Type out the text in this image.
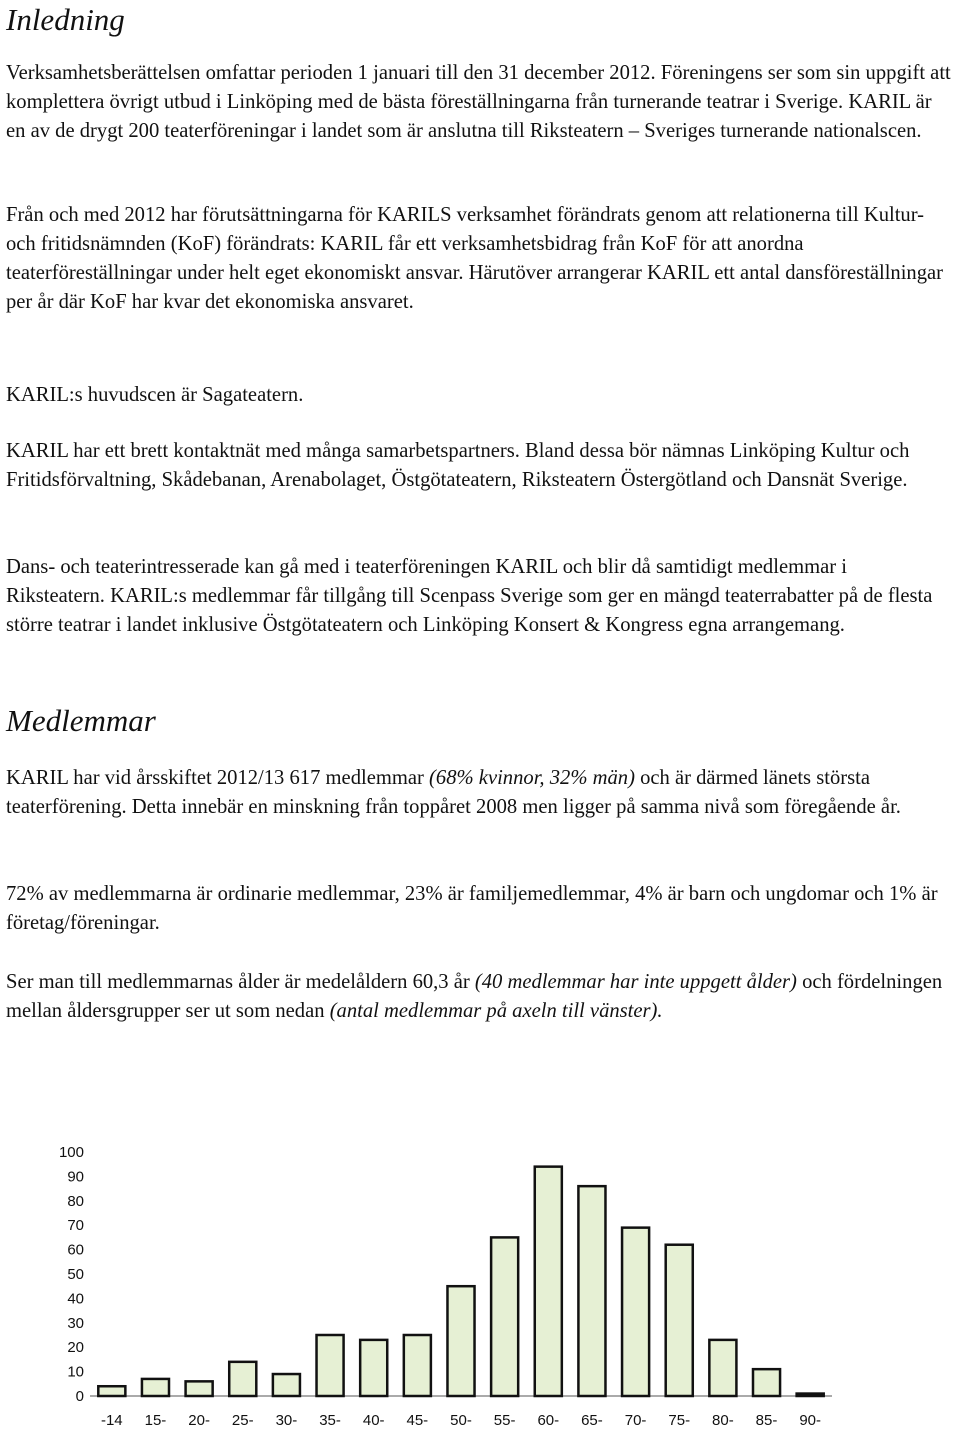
Inledning

Verksamhetsberättelsen omfattar perioden 1 januari till den 31 december 2012. Föreningens ser som sin uppgift att komplettera övrigt utbud i Linköping med de bästa föreställningarna från turnerande teatrar i Sverige. KARIL är en av de drygt 200 teaterföreningar i landet som är anslutna till Riksteatern – Sveriges turnerande nationalscen.

Från och med 2012 har förutsättningarna för KARILS verksamhet förändrats genom att relationerna till Kultur- och fritidsnämnden (KoF) förändrats: KARIL får ett verksamhetsbidrag från KoF för att anordna teaterföreställningar under helt eget ekonomiskt ansvar. Härutöver arrangerar KARIL ett antal dansföreställningar per år där KoF har kvar det ekonomiska ansvaret.

KARIL:s huvudscen är Sagateatern.

KARIL har ett brett kontaktnät med många samarbetspartners. Bland dessa bör nämnas Linköping Kultur och Fritidsförvaltning, Skådebanan, Arenabolaget, Östgötateatern, Riksteatern Östergötland och Dansnät Sverige.

Dans- och teaterintresserade kan gå med i teaterföreningen KARIL och blir då samtidigt medlemmar i Riksteatern. KARIL:s medlemmar får tillgång till Scenpass Sverige som ger en mängd teaterrabatter på de flesta större teatrar i landet inklusive Östgötateatern och Linköping Konsert & Kongress egna arrangemang.

Medlemmar

KARIL har vid årsskiftet 2012/13 617 medlemmar (68% kvinnor, 32% män) och är därmed länets största teaterförening. Detta innebär en minskning från toppåret 2008 men ligger på samma nivå som föregående år.

72% av medlemmarna är ordinarie medlemmar, 23% är familjemedlemmar, 4% är barn och ungdomar och 1% är företag/föreningar.

Ser man till medlemmarnas ålder är medelåldern 60,3 år (40 medlemmar har inte uppgett ålder) och fördelningen mellan åldersgrupper ser ut som nedan (antal medlemmar på axeln till vänster).

0
10
20
30
40
50
60
70
80
90
100
-14 15- 20- 25- 30- 35- 40- 45- 50- 55- 60- 65- 70- 75- 80- 85- 90-
